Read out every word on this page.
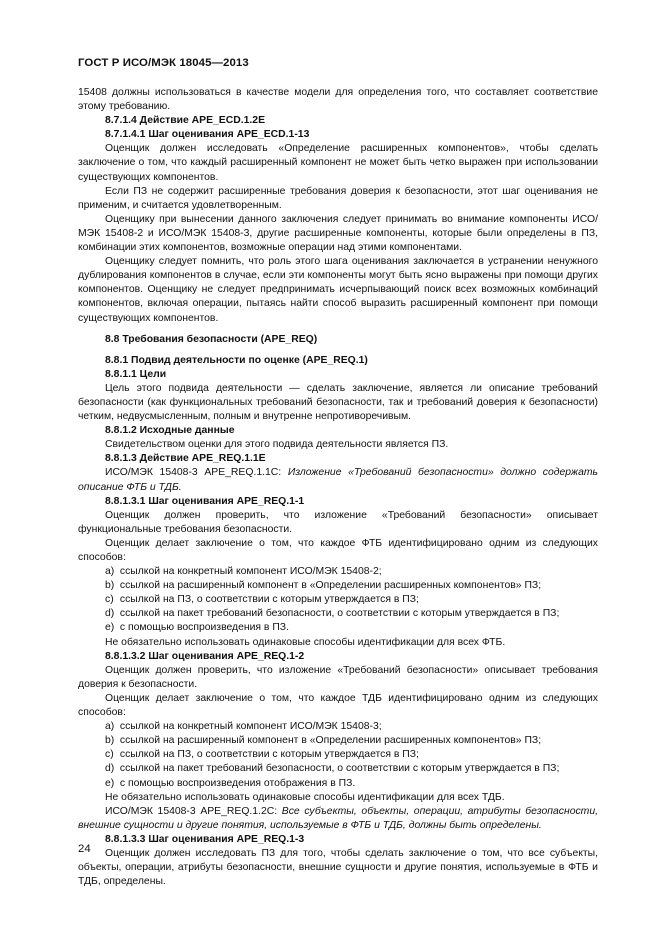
ГОСТ Р ИСО/МЭК 18045—2013

15408 должны использоваться в качестве модели для определения того, что составляет соответствие этому требованию.

8.7.1.4 Действие APE_ECD.1.2E

8.7.1.4.1 Шаг оценивания APE_ECD.1-13

Оценщик должен исследовать «Определение расширенных компонентов», чтобы сделать заключение о том, что каждый расширенный компонент не может быть четко выражен при использовании существующих компонентов.

Если ПЗ не содержит расширенные требования доверия к безопасности, этот шаг оценивания не применим, и считается удовлетворенным.

Оценщику при вынесении данного заключения следует принимать во внимание компоненты ИСО/МЭК 15408-2 и ИСО/МЭК 15408-3, другие расширенные компоненты, которые были определены в ПЗ, комбинации этих компонентов, возможные операции над этими компонентами.

Оценщику следует помнить, что роль этого шага оценивания заключается в устранении ненужного дублирования компонентов в случае, если эти компоненты могут быть ясно выражены при помощи других компонентов. Оценщику не следует предпринимать исчерпывающий поиск всех возможных комбинаций компонентов, включая операции, пытаясь найти способ выразить расширенный компонент при помощи существующих компонентов.

8.8 Требования безопасности (APE_REQ)

8.8.1 Подвид деятельности по оценке (APE_REQ.1)

8.8.1.1 Цели

Цель этого подвида деятельности — сделать заключение, является ли описание требований безопасности (как функциональных требований безопасности, так и требований доверия к безопасности) четким, недвусмысленным, полным и внутренне непротиворечивым.

8.8.1.2 Исходные данные

Свидетельством оценки для этого подвида деятельности является ПЗ.

8.8.1.3 Действие APE_REQ.1.1E

ИСО/МЭК 15408-3 APE_REQ.1.1C: Изложение «Требований безопасности» должно содержать описание ФТБ и ТДБ.

8.8.1.3.1 Шаг оценивания APE_REQ.1-1

Оценщик должен проверить, что изложение «Требований безопасности» описывает функциональные требования безопасности.

Оценщик делает заключение о том, что каждое ФТБ идентифицировано одним из следующих способов:

a) ссылкой на конкретный компонент ИСО/МЭК 15408-2;

b) ссылкой на расширенный компонент в «Определении расширенных компонентов» ПЗ;

c) ссылкой на ПЗ, о соответствии с которым утверждается в ПЗ;

d) ссылкой на пакет требований безопасности, о соответствии с которым утверждается в ПЗ;

e) с помощью воспроизведения в ПЗ.

Не обязательно использовать одинаковые способы идентификации для всех ФТБ.

8.8.1.3.2 Шаг оценивания APE_REQ.1-2

Оценщик должен проверить, что изложение «Требований безопасности» описывает требования доверия к безопасности.

Оценщик делает заключение о том, что каждое ТДБ идентифицировано одним из следующих способов:

a) ссылкой на конкретный компонент ИСО/МЭК 15408-3;

b) ссылкой на расширенный компонент в «Определении расширенных компонентов» ПЗ;

c) ссылкой на ПЗ, о соответствии с которым утверждается в ПЗ;

d) ссылкой на пакет требований безопасности, о соответствии с которым утверждается в ПЗ;

e) с помощью воспроизведения отображения в ПЗ.

Не обязательно использовать одинаковые способы идентификации для всех ТДБ.

ИСО/МЭК 15408-3 APE_REQ.1.2C: Все субъекты, объекты, операции, атрибуты безопасности, внешние сущности и другие понятия, используемые в ФТБ и ТДБ, должны быть определены.

8.8.1.3.3 Шаг оценивания APE_REQ.1-3

Оценщик должен исследовать ПЗ для того, чтобы сделать заключение о том, что все субъекты, объекты, операции, атрибуты безопасности, внешние сущности и другие понятия, используемые в ФТБ и ТДБ, определены.

24
